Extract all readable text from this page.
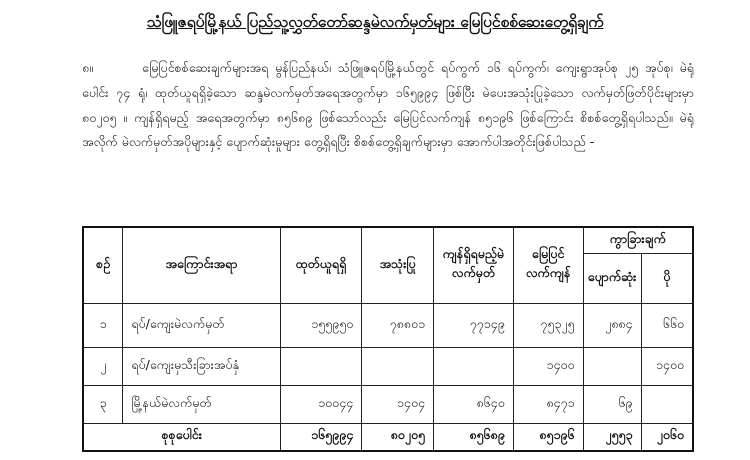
သံဖြူဇရပ်မြို့နယ် ပြည်သူ့လွှတ်တော်ဆန္ဒမဲလက်မှတ်များ မြေပြင်စစ်ဆေးတွေ့ရှိချက်
၈။	မြေပြင်စစ်ဆေးချက်များအရ မွန်ပြည်နယ်၊ သံဖြူဇရပ်မြို့နယ်တွင် ရပ်ကွက် ၁၆ ရပ်ကွက်၊ ကျေးရွာအုပ်စု ၂၅ အုပ်စု၊ မဲရုံပေါင်း ၇၄ ရုံ၊ ထုတ်ယူရရှိခဲ့သော ဆန္ဒမဲလက်မှတ်အရေအတွက်မှာ ၁၆၅၉၉၄ ဖြစ်ပြီး မဲပေးအသုံးပြုခဲ့သော လက်မှတ်ဖြတ်ပိုင်းများမှာ ၈၀၂၀၅ ။ ကျန်ရှိရမည့် အရေအတွက်မှာ ၈၅၆၈၉ ဖြစ်သော်လည်း မြေပြင်လက်ကျန် ၈၅၁၉၆ ဖြစ်ကြောင်း စိစစ်တွေ့ရှိရပါသည်။ မဲရုံအလိုက် မဲလက်မှတ်အပိုများနှင့် ပျောက်ဆုံးမှုများ တွေ့ရှိရပြီး စိစစ်တွေ့ရှိချက်များမှာ အောက်ပါအတိုင်းဖြစ်ပါသည် -
စဉ်	အကြောင်းအရာ	ထုတ်ယူရရှိ	အသုံးပြု	ကျန်ရှိရမည့်မဲလက်မှတ်	မြေပြင်လက်ကျန်	ကွာခြားချက်	
						ပျောက်ဆုံး	ပို
၁	ရပ်/ကျေးမဲလက်မှတ်	၁၅၅၉၅၀	၇၈၈၀၁	၇၇၁၄၉	၇၅၃၂၅	၂၈၈၄	၆၆၀
၂	ရပ်/ကျေးမှသီးခြားအပ်နှံ				၁၄၀၀		၁၄၀၀
၃	မြို့နယ်မဲလက်မှတ်	၁၀၀၄၄	၁၄၀၄	၈၆၄၀	၈၄၇၁	၆၉	
စုစုပေါင်း		၁၆၅၉၉၄	၈၀၂၀၅	၈၅၆၈၉	၈၅၁၉၆	၂၅၅၃	၂၀၆၀
